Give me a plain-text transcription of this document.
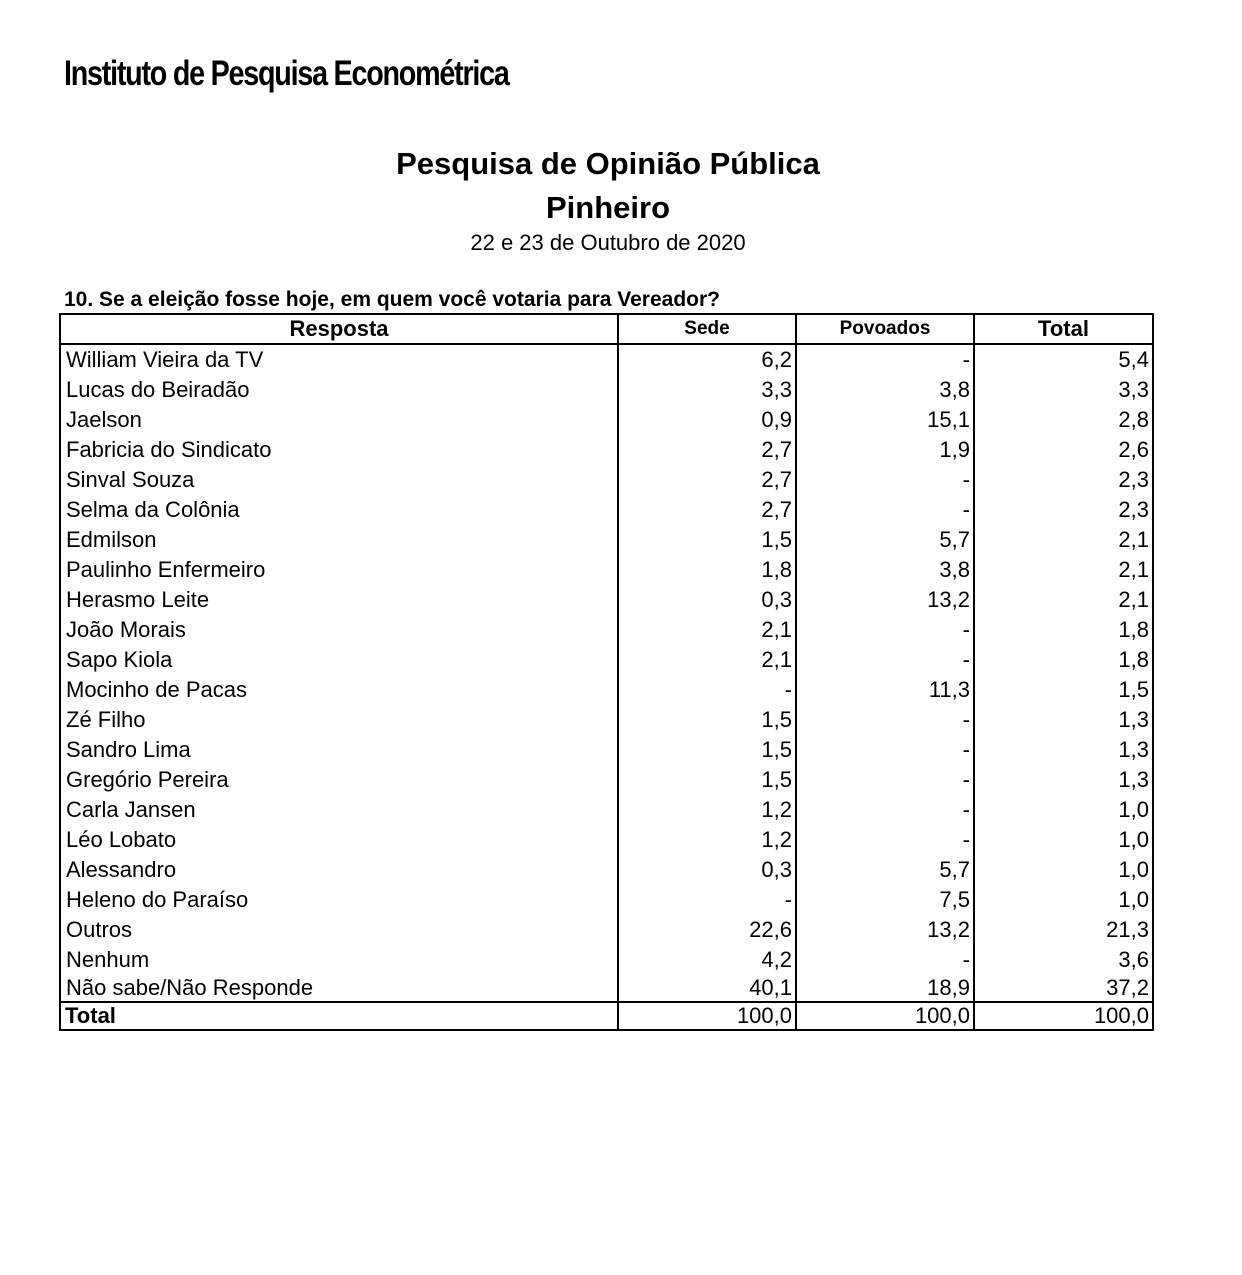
Instituto de Pesquisa Econométrica
Pesquisa de Opinião Pública
Pinheiro
22 e 23 de Outubro de 2020
10. Se a eleição fosse hoje, em quem você votaria para Vereador?
Resposta	Sede	Povoados	Total
William Vieira da TV	6,2	-	5,4
Lucas do Beiradão	3,3	3,8	3,3
Jaelson	0,9	15,1	2,8
Fabricia do Sindicato	2,7	1,9	2,6
Sinval Souza	2,7	-	2,3
Selma da Colônia	2,7	-	2,3
Edmilson	1,5	5,7	2,1
Paulinho Enfermeiro	1,8	3,8	2,1
Herasmo Leite	0,3	13,2	2,1
João Morais	2,1	-	1,8
Sapo Kiola	2,1	-	1,8
Mocinho de Pacas	-	11,3	1,5
Zé Filho	1,5	-	1,3
Sandro Lima	1,5	-	1,3
Gregório Pereira	1,5	-	1,3
Carla Jansen	1,2	-	1,0
Léo Lobato	1,2	-	1,0
Alessandro	0,3	5,7	1,0
Heleno do Paraíso	-	7,5	1,0
Outros	22,6	13,2	21,3
Nenhum	4,2	-	3,6
Não sabe/Não Responde	40,1	18,9	37,2
Total	100,0	100,0	100,0
